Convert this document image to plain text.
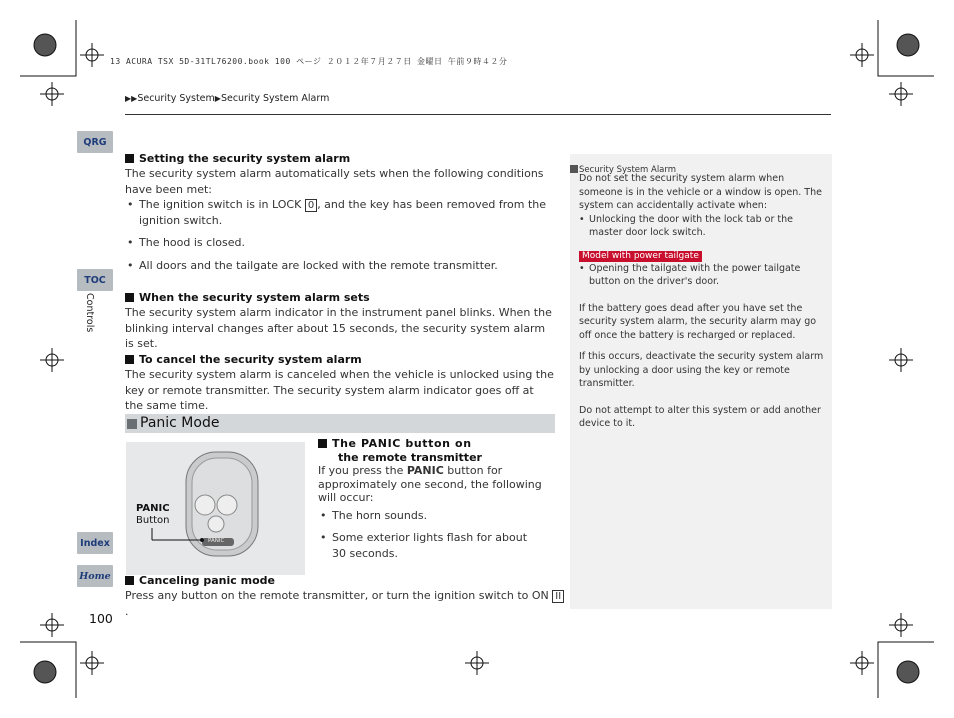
13 ACURA TSX 5D-31TL76200.book 100 ページ ２０１２年７月２７日 金曜日 午前９時４２分
▶▶Security System▶Security System Alarm
QRG
TOC
Controls
Index
Home
100
Setting the security system alarm
The security system alarm automatically sets when the following conditions have been met:
• The ignition switch is in LOCK 0 , and the key has been removed from the ignition switch.
• The hood is closed.
• All doors and the tailgate are locked with the remote transmitter.
When the security system alarm sets
The security system alarm indicator in the instrument panel blinks. When the blinking interval changes after about 15 seconds, the security system alarm is set.
To cancel the security system alarm
The security system alarm is canceled when the vehicle is unlocked using the key or remote transmitter. The security system alarm indicator goes off at the same time.
Panic Mode
PANIC
PANIC
Button
The PANIC button on
the remote transmitter
If you press the PANIC button for approximately one second, the following will occur:
• The horn sounds.
• Some exterior lights flash for about 30 seconds.
Canceling panic mode
Press any button on the remote transmitter, or turn the ignition switch to ON II.
Security System Alarm
Do not set the security system alarm when someone is in the vehicle or a window is open. The system can accidentally activate when:
• Unlocking the door with the lock tab or the master door lock switch.
Model with power tailgate
• Opening the tailgate with the power tailgate button on the driver's door.
If the battery goes dead after you have set the security system alarm, the security alarm may go off once the battery is recharged or replaced.
If this occurs, deactivate the security system alarm by unlocking a door using the key or remote transmitter.
Do not attempt to alter this system or add another device to it.
